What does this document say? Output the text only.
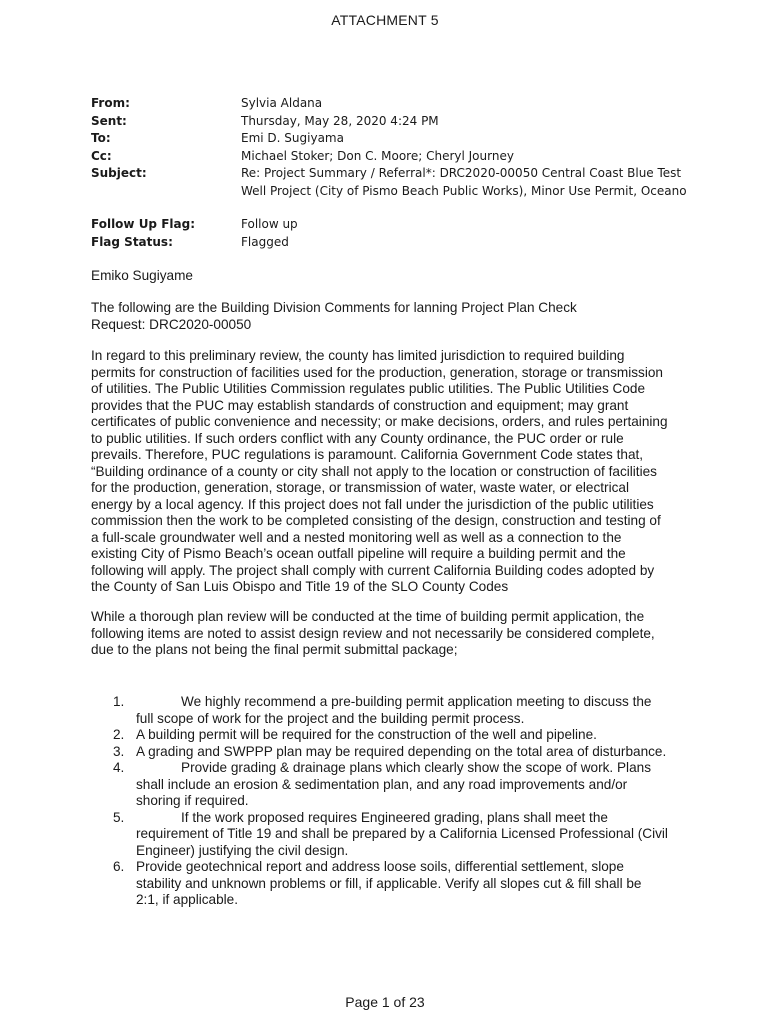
ATTACHMENT 5
From:	Sylvia Aldana
Sent:	Thursday, May 28, 2020 4:24 PM
To:	Emi D. Sugiyama
Cc:	Michael Stoker; Don C. Moore; Cheryl Journey
Subject:	Re: Project Summary / Referral*: DRC2020-00050 Central Coast Blue Test
Well Project (City of Pismo Beach Public Works), Minor Use Permit, Oceano
Follow Up Flag:	Follow up
Flag Status:	Flagged
Emiko Sugiyame
The following are the Building Division Comments for lanning Project Plan Check
Request: DRC2020-00050
In regard to this preliminary review, the county has limited jurisdiction to required building
permits for construction of facilities used for the production, generation, storage or transmission
of utilities. The Public Utilities Commission regulates public utilities. The Public Utilities Code
provides that the PUC may establish standards of construction and equipment; may grant
certificates of public convenience and necessity; or make decisions, orders, and rules pertaining
to public utilities. If such orders conflict with any County ordinance, the PUC order or rule
prevails. Therefore, PUC regulations is paramount. California Government Code states that,
“Building ordinance of a county or city shall not apply to the location or construction of facilities
for the production, generation, storage, or transmission of water, waste water, or electrical
energy by a local agency. If this project does not fall under the jurisdiction of the public utilities
commission then the work to be completed consisting of the design, construction and testing of
a full-scale groundwater well and a nested monitoring well as well as a connection to the
existing City of Pismo Beach’s ocean outfall pipeline will require a building permit and the
following will apply. The project shall comply with current California Building codes adopted by
the County of San Luis Obispo and Title 19 of the SLO County Codes
While a thorough plan review will be conducted at the time of building permit application, the
following items are noted to assist design review and not necessarily be considered complete,
due to the plans not being the final permit submittal package;
1.	We highly recommend a pre-building permit application meeting to discuss the
full scope of work for the project and the building permit process.
2. A building permit will be required for the construction of the well and pipeline.
3. A grading and SWPPP plan may be required depending on the total area of disturbance.
4.	Provide grading & drainage plans which clearly show the scope of work. Plans
shall include an erosion & sedimentation plan, and any road improvements and/or
shoring if required.
5.	If the work proposed requires Engineered grading, plans shall meet the
requirement of Title 19 and shall be prepared by a California Licensed Professional (Civil
Engineer) justifying the civil design.
6. Provide geotechnical report and address loose soils, differential settlement, slope
stability and unknown problems or fill, if applicable. Verify all slopes cut & fill shall be
2:1, if applicable.
Page 1 of 23
